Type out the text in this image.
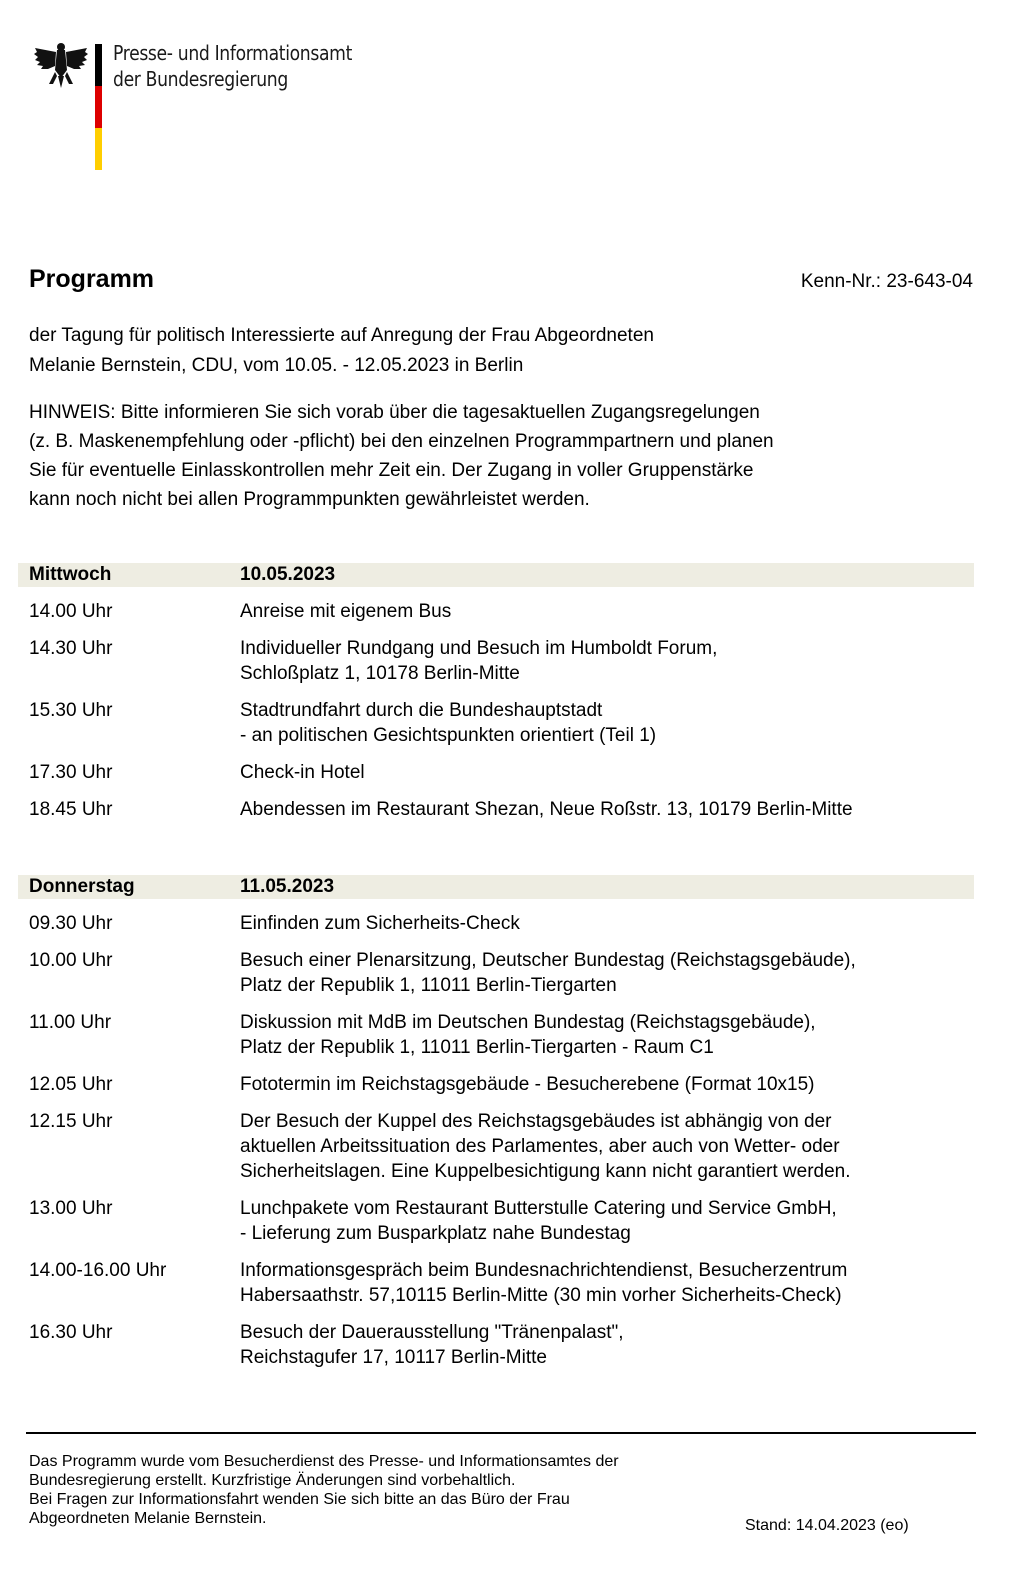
Presse- und Informationsamt
der Bundesregierung
Programm	Kenn-Nr.: 23-643-04
der Tagung für politisch Interessierte auf Anregung der Frau Abgeordneten
Melanie Bernstein, CDU, vom 10.05. - 12.05.2023 in Berlin
HINWEIS: Bitte informieren Sie sich vorab über die tagesaktuellen Zugangsregelungen
(z. B. Maskenempfehlung oder -pflicht) bei den einzelnen Programmpartnern und planen
Sie für eventuelle Einlasskontrollen mehr Zeit ein. Der Zugang in voller Gruppenstärke
kann noch nicht bei allen Programmpunkten gewährleistet werden.
Mittwoch	10.05.2023
14.00 Uhr	Anreise mit eigenem Bus
14.30 Uhr	Individueller Rundgang und Besuch im Humboldt Forum,
Schloßplatz 1, 10178 Berlin-Mitte
15.30 Uhr	Stadtrundfahrt durch die Bundeshauptstadt
- an politischen Gesichtspunkten orientiert (Teil 1)
17.30 Uhr	Check-in Hotel
18.45 Uhr	Abendessen im Restaurant Shezan, Neue Roßstr. 13, 10179 Berlin-Mitte
Donnerstag	11.05.2023
09.30 Uhr	Einfinden zum Sicherheits-Check
10.00 Uhr	Besuch einer Plenarsitzung, Deutscher Bundestag (Reichstagsgebäude),
Platz der Republik 1, 11011 Berlin-Tiergarten
11.00 Uhr	Diskussion mit MdB im Deutschen Bundestag (Reichstagsgebäude),
Platz der Republik 1, 11011 Berlin-Tiergarten - Raum C1
12.05 Uhr	Fototermin im Reichstagsgebäude - Besucherebene (Format 10x15)
12.15 Uhr	Der Besuch der Kuppel des Reichstagsgebäudes ist abhängig von der
aktuellen Arbeitssituation des Parlamentes, aber auch von Wetter- oder
Sicherheitslagen. Eine Kuppelbesichtigung kann nicht garantiert werden.
13.00 Uhr	Lunchpakete vom Restaurant Butterstulle Catering und Service GmbH,
- Lieferung zum Busparkplatz nahe Bundestag
14.00-16.00 Uhr	Informationsgespräch beim Bundesnachrichtendienst, Besucherzentrum
Habersaathstr. 57,10115 Berlin-Mitte (30 min vorher Sicherheits-Check)
16.30 Uhr	Besuch der Dauerausstellung "Tränenpalast",
Reichstagufer 17, 10117 Berlin-Mitte
Das Programm wurde vom Besucherdienst des Presse- und Informationsamtes der
Bundesregierung erstellt. Kurzfristige Änderungen sind vorbehaltlich.
Bei Fragen zur Informationsfahrt wenden Sie sich bitte an das Büro der Frau
Abgeordneten Melanie Bernstein.	Stand: 14.04.2023 (eo)
